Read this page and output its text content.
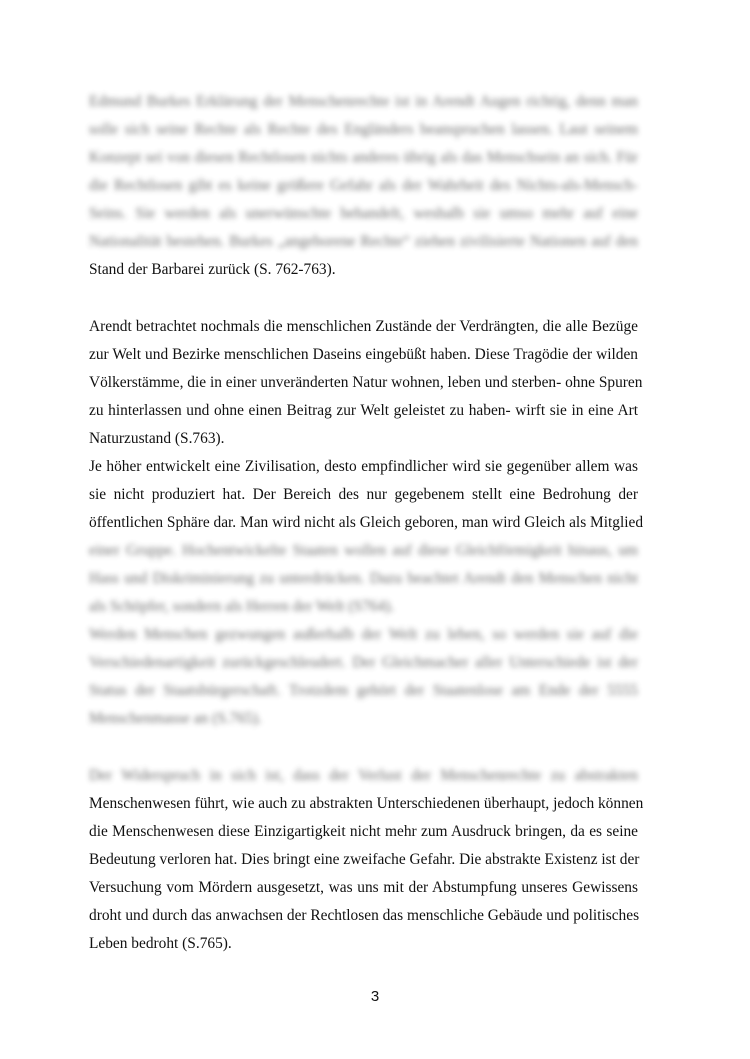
Edmund Burkes Erklärung der Menschenrechte ist in Arendt Augen richtig, denn man
solle sich seine Rechte als Rechte des Engländers beanspruchen lassen. Laut seinem
Konzept sei von diesen Rechtlosen nichts anderes übrig als das Menschsein an sich. Für
die Rechtlosen gibt es keine größere Gefahr als der Wahrheit des Nichts-als-Mensch-
Seins. Sie werden als unerwünschte behandelt, weshalb sie umso mehr auf eine
Nationalität bestehen. Burkes „angeborene Rechte“ ziehen zivilisierte Nationen auf den
Stand der Barbarei zurück (S. 762-763).
Arendt betrachtet nochmals die menschlichen Zustände der Verdrängten, die alle Bezüge
zur Welt und Bezirke menschlichen Daseins eingebüßt haben. Diese Tragödie der wilden
Völkerstämme, die in einer unveränderten Natur wohnen, leben und sterben- ohne Spuren
zu hinterlassen und ohne einen Beitrag zur Welt geleistet zu haben- wirft sie in eine Art
Naturzustand (S.763).
Je höher entwickelt eine Zivilisation, desto empfindlicher wird sie gegenüber allem was
sie nicht produziert hat. Der Bereich des nur gegebenem stellt eine Bedrohung der
öffentlichen Sphäre dar. Man wird nicht als Gleich geboren, man wird Gleich als Mitglied
einer Gruppe. Hochentwickelte Staaten wollen auf diese Gleichförmigkeit hinaus, um
Hass und Diskriminierung zu unterdrücken. Dazu beachtet Arendt den Menschen nicht
als Schöpfer, sondern als Herren der Welt (S764).
Werden Menschen gezwungen außerhalb der Welt zu leben, so werden sie auf die
Verschiedenartigkeit zurückgeschleudert. Der Gleichmacher aller Unterschiede ist der
Status der Staatsbürgerschaft. Trotzdem gehört der Staatenlose am Ende der 5555
Menschenmasse an (S.765).
Der Widerspruch in sich ist, dass der Verlust der Menschenrechte zu abstrakten
Menschenwesen führt, wie auch zu abstrakten Unterschiedenen überhaupt, jedoch können
die Menschenwesen diese Einzigartigkeit nicht mehr zum Ausdruck bringen, da es seine
Bedeutung verloren hat. Dies bringt eine zweifache Gefahr. Die abstrakte Existenz ist der
Versuchung vom Mördern ausgesetzt, was uns mit der Abstumpfung unseres Gewissens
droht und durch das anwachsen der Rechtlosen das menschliche Gebäude und politisches
Leben bedroht (S.765).
3
